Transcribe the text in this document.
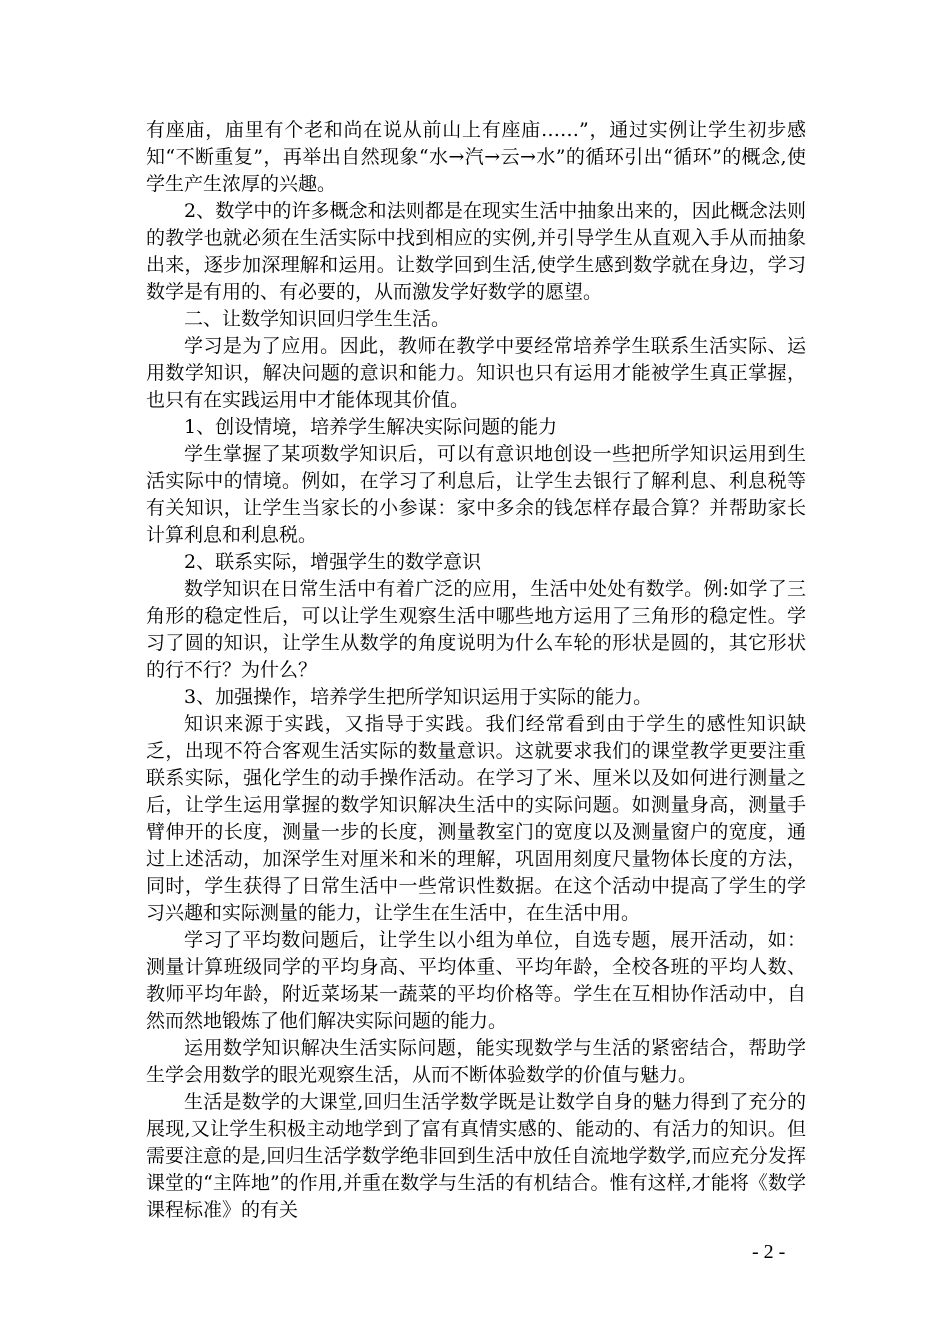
有座庙，庙里有个老和尚在说从前山上有座庙……”，通过实例让学生初步感知“不断重复”，再举出自然现象“水→汽→云→水”的循环引出“循环”的概念,使学生产生浓厚的兴趣。

2、数学中的许多概念和法则都是在现实生活中抽象出来的，因此概念法则的教学也就必须在生活实际中找到相应的实例,并引导学生从直观入手从而抽象出来，逐步加深理解和运用。让数学回到生活,使学生感到数学就在身边，学习数学是有用的、有必要的，从而激发学好数学的愿望。

二、让数学知识回归学生生活。

学习是为了应用。因此，教师在教学中要经常培养学生联系生活实际、运用数学知识，解决问题的意识和能力。知识也只有运用才能被学生真正掌握，也只有在实践运用中才能体现其价值。

1、创设情境，培养学生解决实际问题的能力

学生掌握了某项数学知识后，可以有意识地创设一些把所学知识运用到生活实际中的情境。例如，在学习了利息后，让学生去银行了解利息、利息税等有关知识，让学生当家长的小参谋：家中多余的钱怎样存最合算？并帮助家长计算利息和利息税。

2、联系实际，增强学生的数学意识

数学知识在日常生活中有着广泛的应用，生活中处处有数学。例:如学了三角形的稳定性后，可以让学生观察生活中哪些地方运用了三角形的稳定性。学习了圆的知识，让学生从数学的角度说明为什么车轮的形状是圆的，其它形状的行不行？为什么？

3、加强操作，培养学生把所学知识运用于实际的能力。

知识来源于实践，又指导于实践。我们经常看到由于学生的感性知识缺乏，出现不符合客观生活实际的数量意识。这就要求我们的课堂教学更要注重联系实际，强化学生的动手操作活动。在学习了米、厘米以及如何进行测量之后，让学生运用掌握的数学知识解决生活中的实际问题。如测量身高，测量手臂伸开的长度，测量一步的长度，测量教室门的宽度以及测量窗户的宽度，通过上述活动，加深学生对厘米和米的理解，巩固用刻度尺量物体长度的方法，同时，学生获得了日常生活中一些常识性数据。在这个活动中提高了学生的学习兴趣和实际测量的能力，让学生在生活中，在生活中用。

学习了平均数问题后，让学生以小组为单位，自选专题，展开活动，如：测量计算班级同学的平均身高、平均体重、平均年龄，全校各班的平均人数、教师平均年龄，附近菜场某一蔬菜的平均价格等。学生在互相协作活动中，自然而然地锻炼了他们解决实际问题的能力。

运用数学知识解决生活实际问题，能实现数学与生活的紧密结合，帮助学生学会用数学的眼光观察生活，从而不断体验数学的价值与魅力。

生活是数学的大课堂,回归生活学数学既是让数学自身的魅力得到了充分的展现,又让学生积极主动地学到了富有真情实感的、能动的、有活力的知识。但需要注意的是,回归生活学数学绝非回到生活中放任自流地学数学,而应充分发挥课堂的“主阵地”的作用,并重在数学与生活的有机结合。惟有这样,才能将《数学课程标准》的有关

- 2 -
